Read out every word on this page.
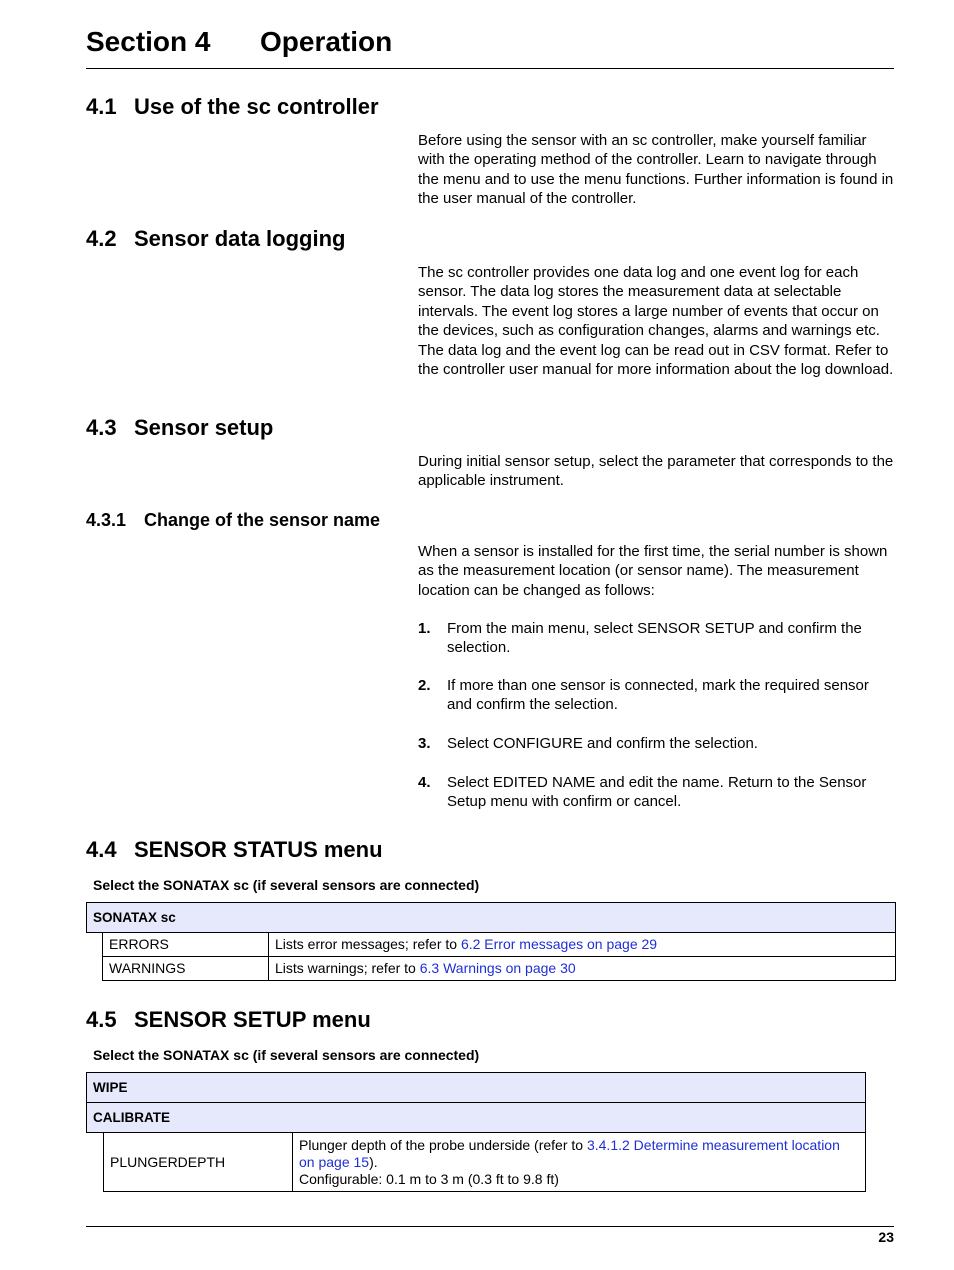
Section 4 Operation
4.1 Use of the sc controller

Before using the sensor with an sc controller, make yourself familiar with the operating method of the controller. Learn to navigate through the menu and to use the menu functions. Further information is found in the user manual of the controller.

4.2 Sensor data logging

The sc controller provides one data log and one event log for each sensor. The data log stores the measurement data at selectable intervals. The event log stores a large number of events that occur on the devices, such as configuration changes, alarms and warnings etc. The data log and the event log can be read out in CSV format. Refer to the controller user manual for more information about the log download.

4.3 Sensor setup

During initial sensor setup, select the parameter that corresponds to the applicable instrument.

4.3.1 Change of the sensor name

When a sensor is installed for the first time, the serial number is shown as the measurement location (or sensor name). The measurement location can be changed as follows:

1. From the main menu, select SENSOR SETUP and confirm the selection.
2. If more than one sensor is connected, mark the required sensor and confirm the selection.
3. Select CONFIGURE and confirm the selection.
4. Select EDITED NAME and edit the name. Return to the Sensor Setup menu with confirm or cancel.
4.4 SENSOR STATUS menu
Select the SONATAX sc (if several sensors are connected)
SONATAX sc		
	ERRORS	Lists error messages; refer to 6.2 Error messages on page 29
	WARNINGS	Lists warnings; refer to 6.3 Warnings on page 30
4.5 SENSOR SETUP menu
Select the SONATAX sc (if several sensors are connected)
WIPE
CALIBRATE
	PLUNGERDEPTH	Plunger depth of the probe underside (refer to 3.4.1.2 Determine measurement location on page 15).
Configurable: 0.1 m to 3 m (0.3 ft to 9.8 ft)
23
